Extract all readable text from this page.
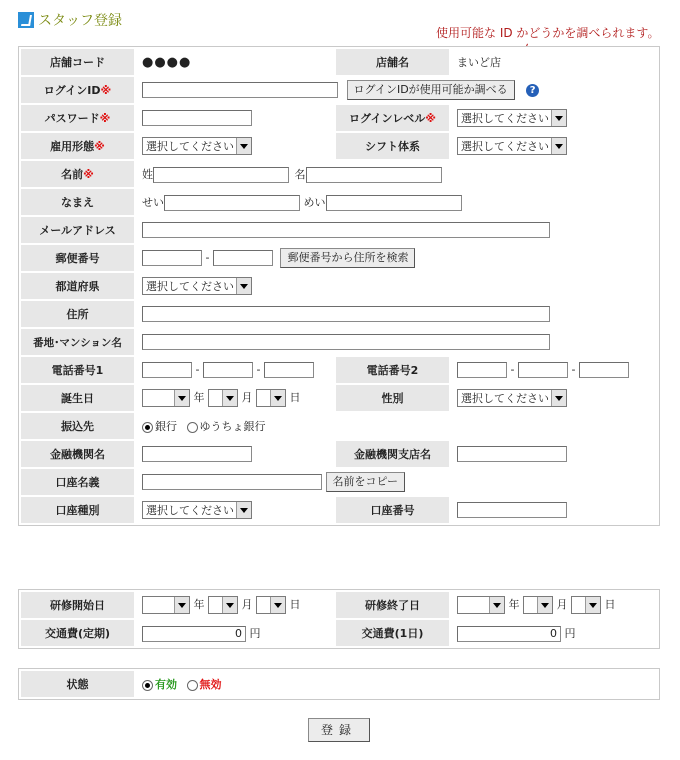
スタッフ登録
使用可能な ID かどうかを調べられます。
店舗コード	●●●●	店舗名	まいど店
ログインID※	ログインIDが使用可能か調べる ?		
パスワード※		ログインレベル※	選択してください

雇用形態※	選択してください	シフト体系	選択してください

名前※	姓 名		
なまえ	せい めい		
メールアドレス			
郵便番号	- 郵便番号から住所を検索		
都道府県	選択してください		

住所			
番地･マンション名			
電話番号1	- -	電話番号2	- -
誕生日	年 月 日	性別	選択してください

振込先	銀行 ゆうちょ銀行		
金融機関名		金融機関支店名	
口座名義	名前をコピー		
口座種別	選択してください	口座番号	
研修開始日	年 月 日	研修終了日	年 月 日
交通費(定期)	0 円	交通費(1日)	0 円
状態	有効 無効
登録
